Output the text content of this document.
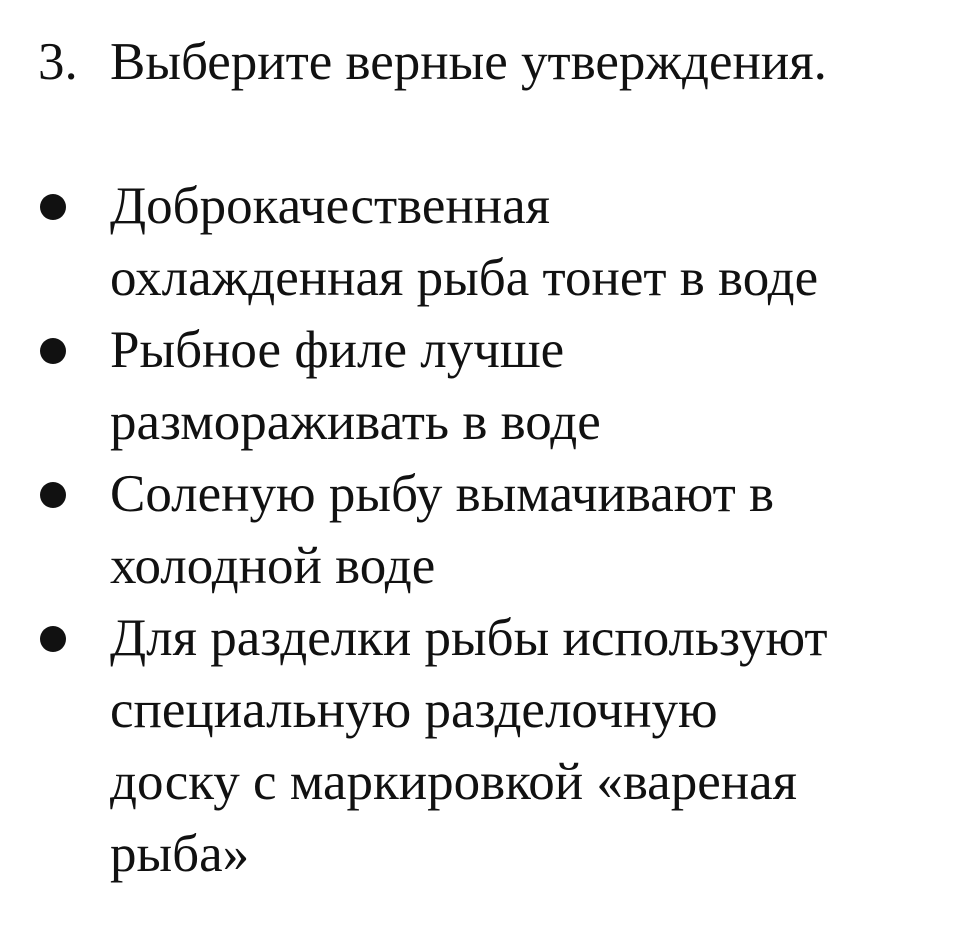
3. Выберите верные утверждения.
Доброкачественная
охлажденная рыба тонет в воде
Рыбное филе лучше
размораживать в воде
Соленую рыбу вымачивают в
холодной воде
Для разделки рыбы используют
специальную разделочную
доску с маркировкой «вареная
рыба»
